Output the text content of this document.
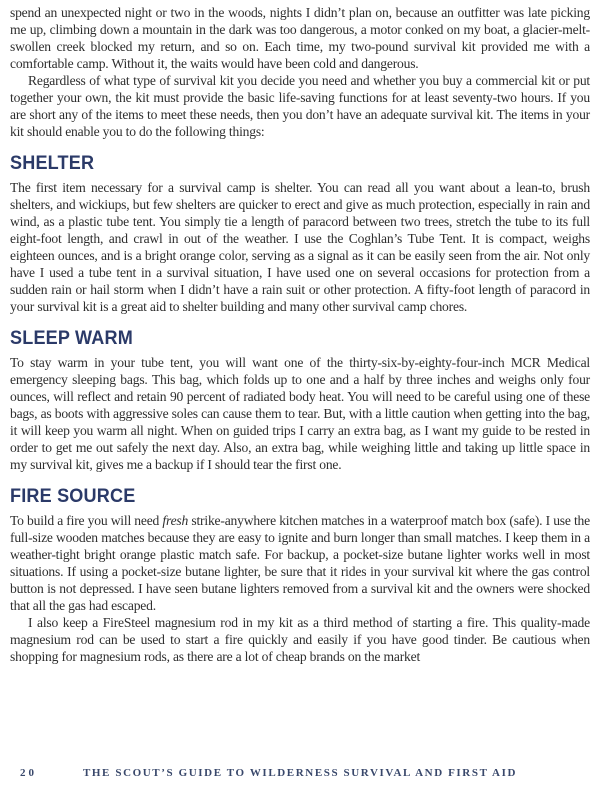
spend an unexpected night or two in the woods, nights I didn’t plan on, because an outfitter was late picking me up, climbing down a mountain in the dark was too dangerous, a motor conked on my boat, a glacier-melt-swollen creek blocked my return, and so on. Each time, my two-pound survival kit provided me with a comfortable camp. Without it, the waits would have been cold and dangerous.

Regardless of what type of survival kit you decide you need and whether you buy a commercial kit or put together your own, the kit must provide the basic life-saving functions for at least seventy-two hours. If you are short any of the items to meet these needs, then you don’t have an adequate survival kit. The items in your kit should enable you to do the following things:

SHELTER

The first item necessary for a survival camp is shelter. You can read all you want about a lean-to, brush shelters, and wickiups, but few shelters are quicker to erect and give as much protection, especially in rain and wind, as a plastic tube tent. You simply tie a length of paracord between two trees, stretch the tube to its full eight-foot length, and crawl in out of the weather. I use the Coghlan’s Tube Tent. It is compact, weighs eighteen ounces, and is a bright orange color, serving as a signal as it can be easily seen from the air. Not only have I used a tube tent in a survival situation, I have used one on several occasions for protection from a sudden rain or hail storm when I didn’t have a rain suit or other protection. A fifty-foot length of paracord in your survival kit is a great aid to shelter building and many other survival camp chores.

SLEEP WARM

To stay warm in your tube tent, you will want one of the thirty-six-by-eighty-four-inch MCR Medical emergency sleeping bags. This bag, which folds up to one and a half by three inches and weighs only four ounces, will reflect and retain 90 percent of radiated body heat. You will need to be careful using one of these bags, as boots with aggressive soles can cause them to tear. But, with a little caution when getting into the bag, it will keep you warm all night. When on guided trips I carry an extra bag, as I want my guide to be rested in order to get me out safely the next day. Also, an extra bag, while weighing little and taking up little space in my survival kit, gives me a backup if I should tear the first one.

FIRE SOURCE

To build a fire you will need fresh strike-anywhere kitchen matches in a waterproof match box (safe). I use the full-size wooden matches because they are easy to ignite and burn longer than small matches. I keep them in a weather-tight bright orange plastic match safe. For backup, a pocket-size butane lighter works well in most situations. If using a pocket-size butane lighter, be sure that it rides in your survival kit where the gas control button is not depressed. I have seen butane lighters removed from a survival kit and the owners were shocked that all the gas had escaped.

I also keep a FireSteel magnesium rod in my kit as a third method of starting a fire. This quality-made magnesium rod can be used to start a fire quickly and easily if you have good tinder. Be cautious when shopping for magnesium rods, as there are a lot of cheap brands on the market

20	THE SCOUT’S GUIDE TO WILDERNESS SURVIVAL AND FIRST AID
